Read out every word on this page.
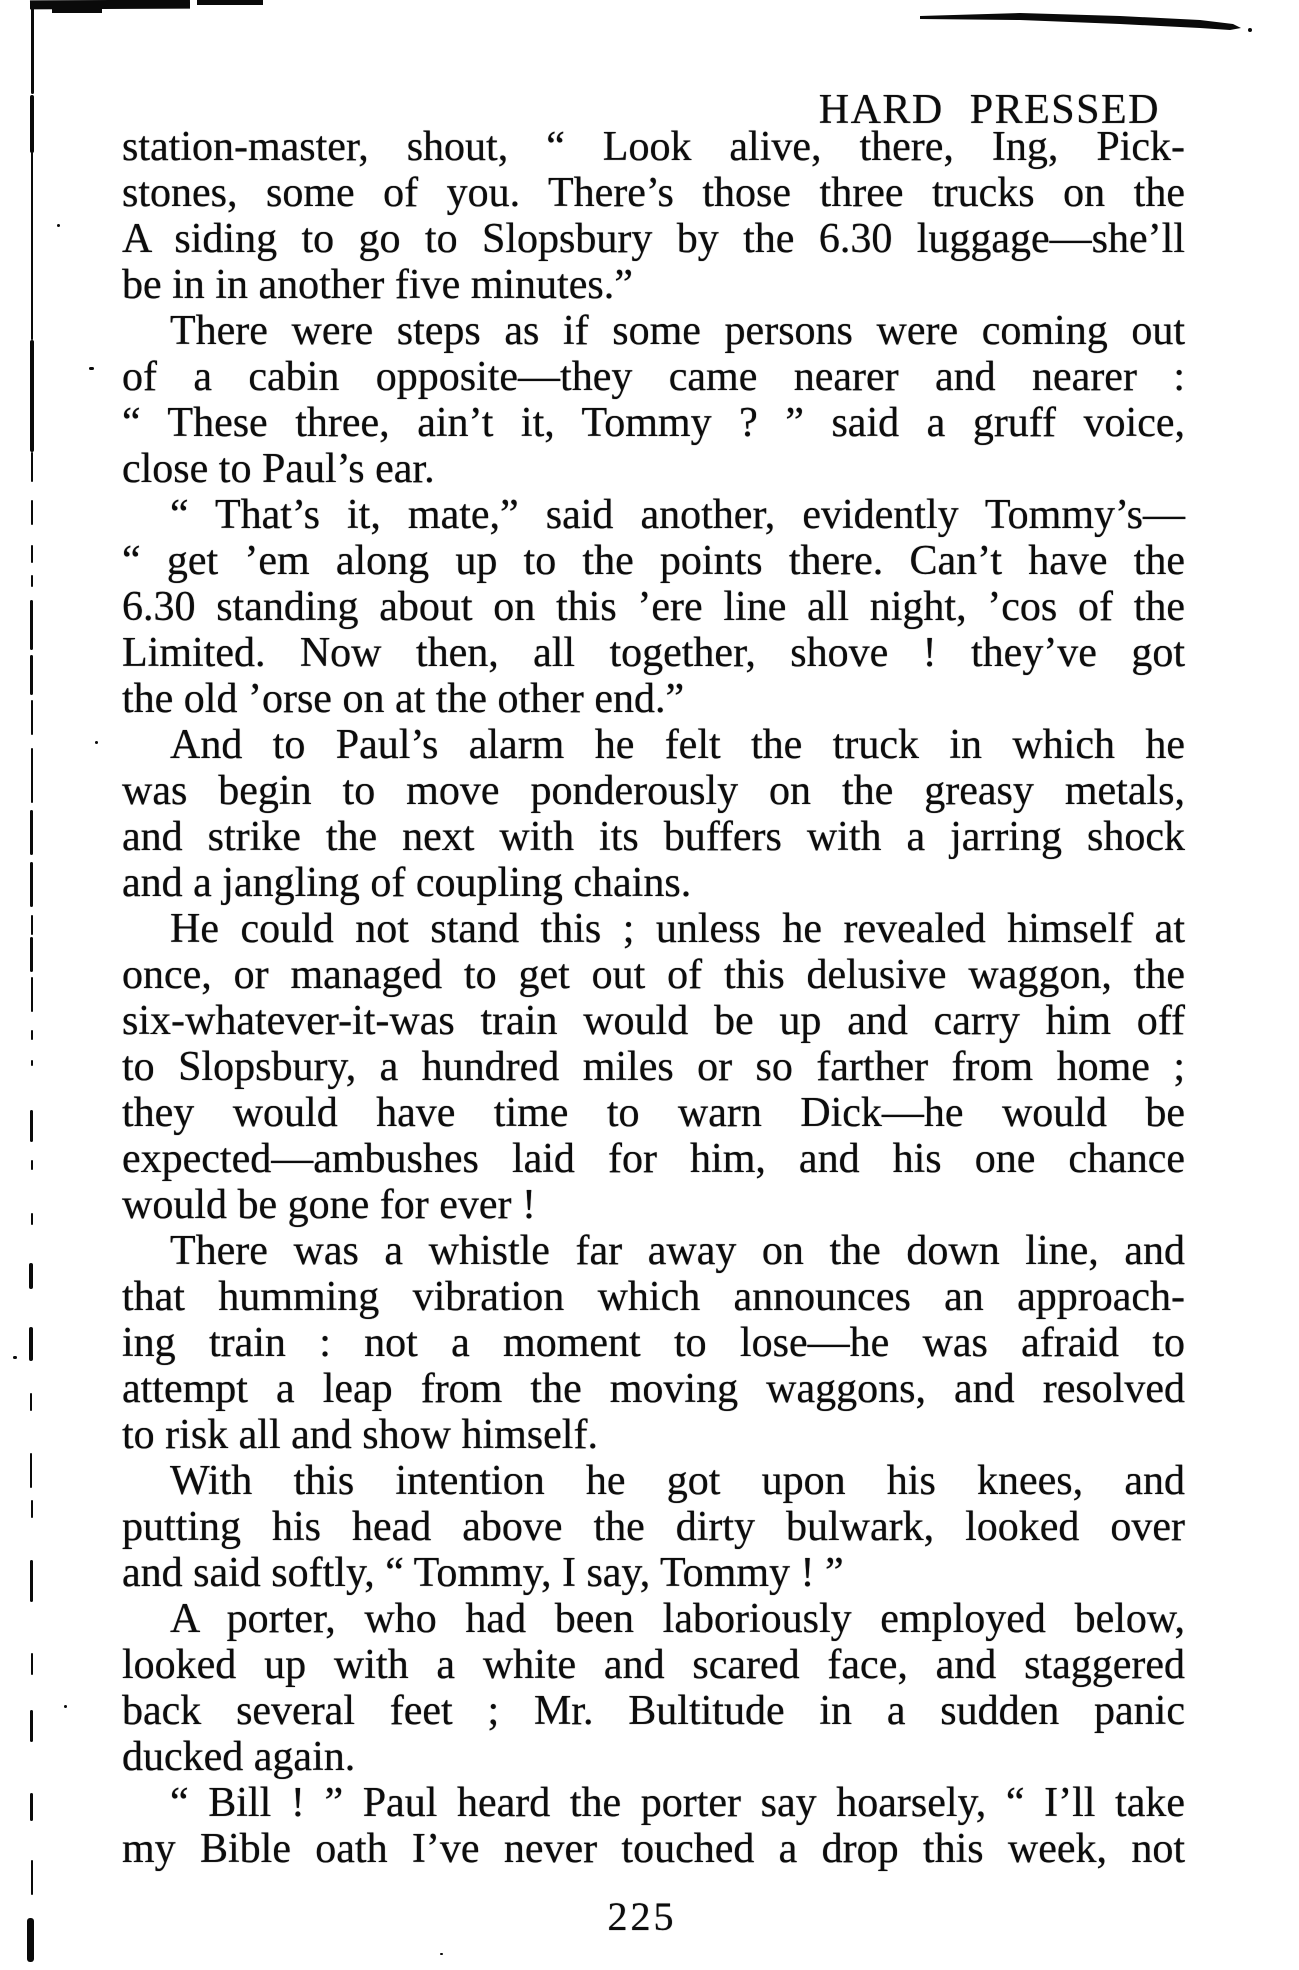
HARD PRESSED
station-master, shout, “ Look alive, there, Ing, Pick-
stones, some of you. There’s those three trucks on the
A siding to go to Slopsbury by the 6.30 luggage—she’ll
be in in another five minutes.”
There were steps as if some persons were coming out
of a cabin opposite—they came nearer and nearer :
“ These three, ain’t it, Tommy ? ” said a gruff voice,
close to Paul’s ear.
“ That’s it, mate,” said another, evidently Tommy’s—
“ get ’em along up to the points there. Can’t have the
6.30 standing about on this ’ere line all night, ’cos of the
Limited. Now then, all together, shove ! they’ve got
the old ’orse on at the other end.”
And to Paul’s alarm he felt the truck in which he
was begin to move ponderously on the greasy metals,
and strike the next with its buffers with a jarring shock
and a jangling of coupling chains.
He could not stand this ; unless he revealed himself at
once, or managed to get out of this delusive waggon, the
six-whatever-it-was train would be up and carry him off
to Slopsbury, a hundred miles or so farther from home ;
they would have time to warn Dick—he would be
expected—ambushes laid for him, and his one chance
would be gone for ever !
There was a whistle far away on the down line, and
that humming vibration which announces an approach-
ing train : not a moment to lose—he was afraid to
attempt a leap from the moving waggons, and resolved
to risk all and show himself.
With this intention he got upon his knees, and
putting his head above the dirty bulwark, looked over
and said softly, “ Tommy, I say, Tommy ! ”
A porter, who had been laboriously employed below,
looked up with a white and scared face, and staggered
back several feet ; Mr. Bultitude in a sudden panic
ducked again.
“ Bill ! ” Paul heard the porter say hoarsely, “ I’ll take
my Bible oath I’ve never touched a drop this week, not
225
